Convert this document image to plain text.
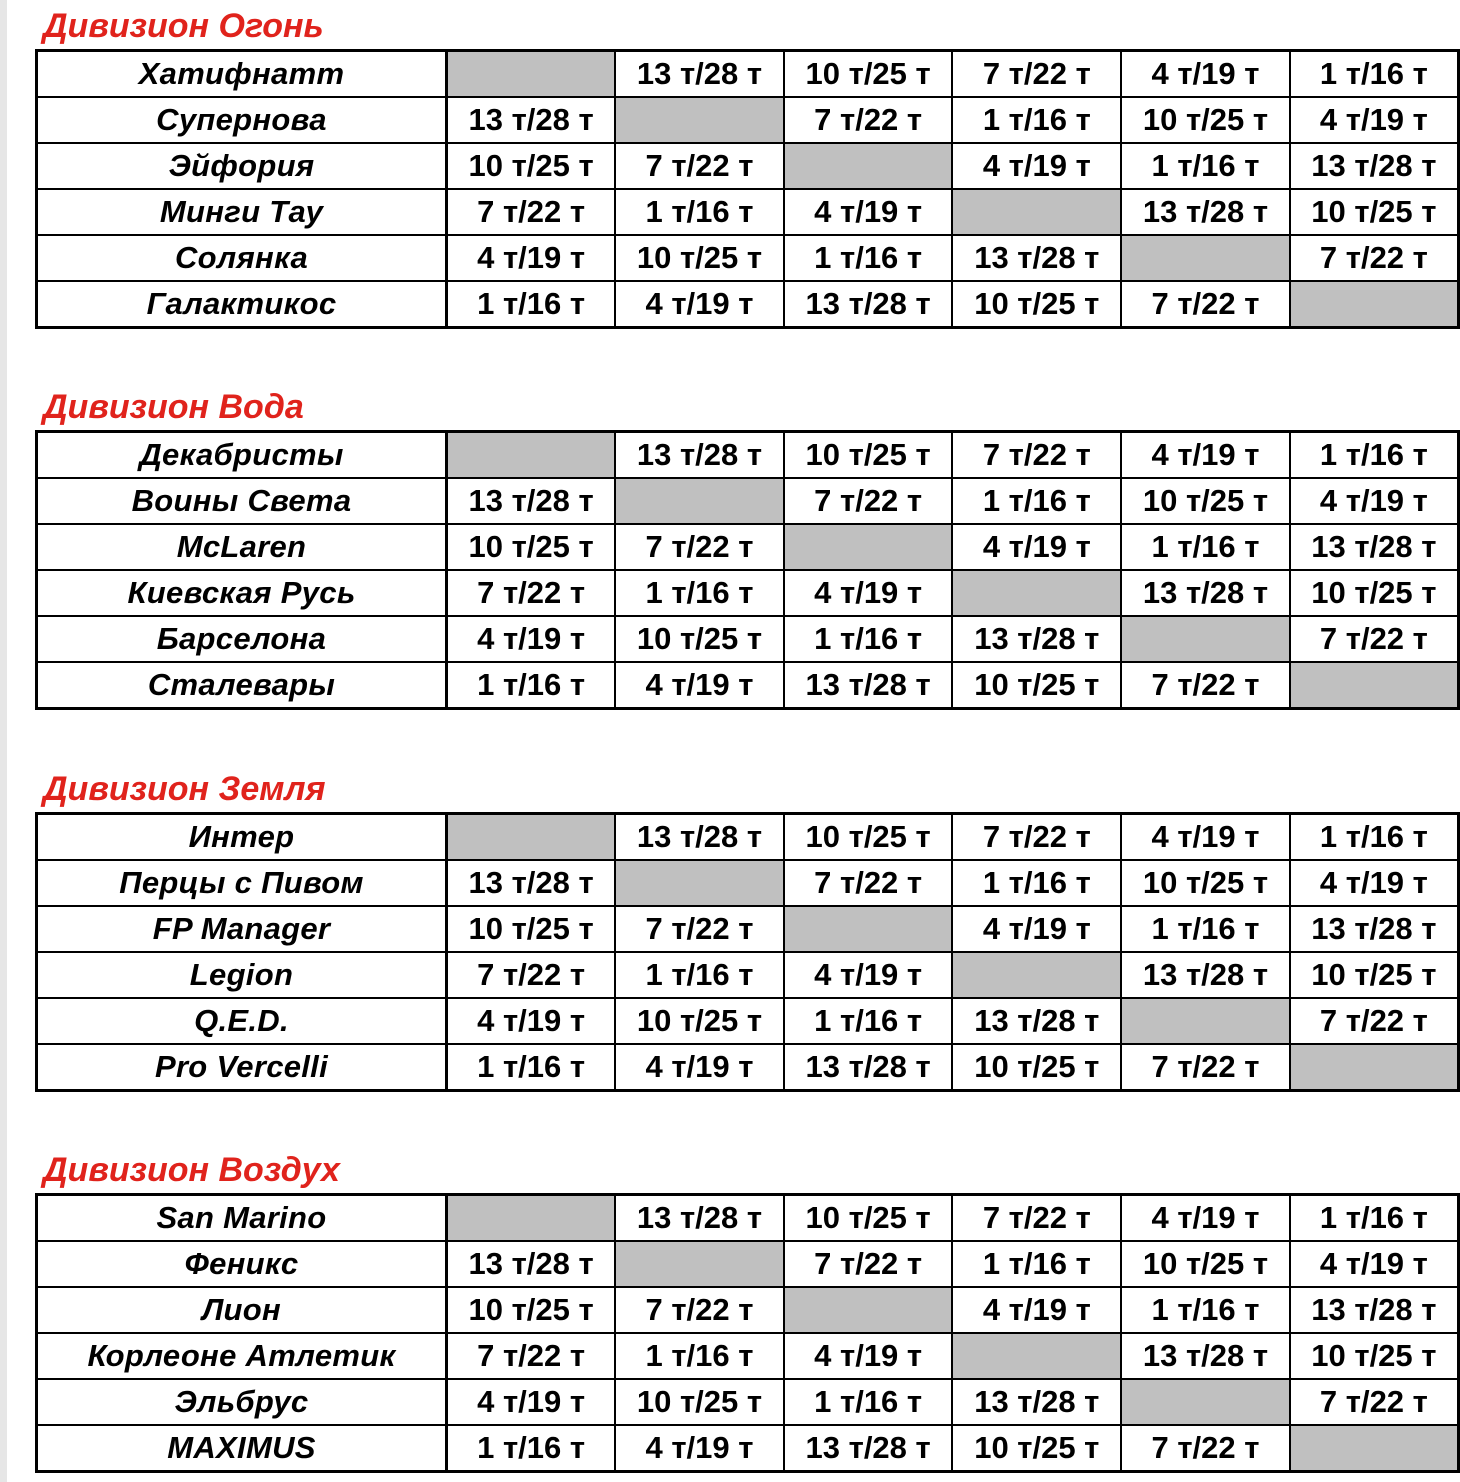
Дивизион Огонь
Хатифнатт		13 т/28 т	10 т/25 т	7 т/22 т	4 т/19 т	1 т/16 т
Супернова	13 т/28 т		7 т/22 т	1 т/16 т	10 т/25 т	4 т/19 т
Эйфория	10 т/25 т	7 т/22 т		4 т/19 т	1 т/16 т	13 т/28 т
Минги Тау	7 т/22 т	1 т/16 т	4 т/19 т		13 т/28 т	10 т/25 т
Солянка	4 т/19 т	10 т/25 т	1 т/16 т	13 т/28 т		7 т/22 т
Галактикос	1 т/16 т	4 т/19 т	13 т/28 т	10 т/25 т	7 т/22 т	
Дивизион Вода
Декабристы		13 т/28 т	10 т/25 т	7 т/22 т	4 т/19 т	1 т/16 т
Воины Света	13 т/28 т		7 т/22 т	1 т/16 т	10 т/25 т	4 т/19 т
McLaren	10 т/25 т	7 т/22 т		4 т/19 т	1 т/16 т	13 т/28 т
Киевская Русь	7 т/22 т	1 т/16 т	4 т/19 т		13 т/28 т	10 т/25 т
Барселона	4 т/19 т	10 т/25 т	1 т/16 т	13 т/28 т		7 т/22 т
Сталевары	1 т/16 т	4 т/19 т	13 т/28 т	10 т/25 т	7 т/22 т	
Дивизион Земля
Интер		13 т/28 т	10 т/25 т	7 т/22 т	4 т/19 т	1 т/16 т
Перцы с Пивом	13 т/28 т		7 т/22 т	1 т/16 т	10 т/25 т	4 т/19 т
FP Manager	10 т/25 т	7 т/22 т		4 т/19 т	1 т/16 т	13 т/28 т
Legion	7 т/22 т	1 т/16 т	4 т/19 т		13 т/28 т	10 т/25 т
Q.E.D.	4 т/19 т	10 т/25 т	1 т/16 т	13 т/28 т		7 т/22 т
Pro Vercelli	1 т/16 т	4 т/19 т	13 т/28 т	10 т/25 т	7 т/22 т	
Дивизион Воздух
San Marino		13 т/28 т	10 т/25 т	7 т/22 т	4 т/19 т	1 т/16 т
Феникс	13 т/28 т		7 т/22 т	1 т/16 т	10 т/25 т	4 т/19 т
Лион	10 т/25 т	7 т/22 т		4 т/19 т	1 т/16 т	13 т/28 т
Корлеоне Атлетик	7 т/22 т	1 т/16 т	4 т/19 т		13 т/28 т	10 т/25 т
Эльбрус	4 т/19 т	10 т/25 т	1 т/16 т	13 т/28 т		7 т/22 т
MAXIMUS	1 т/16 т	4 т/19 т	13 т/28 т	10 т/25 т	7 т/22 т	
